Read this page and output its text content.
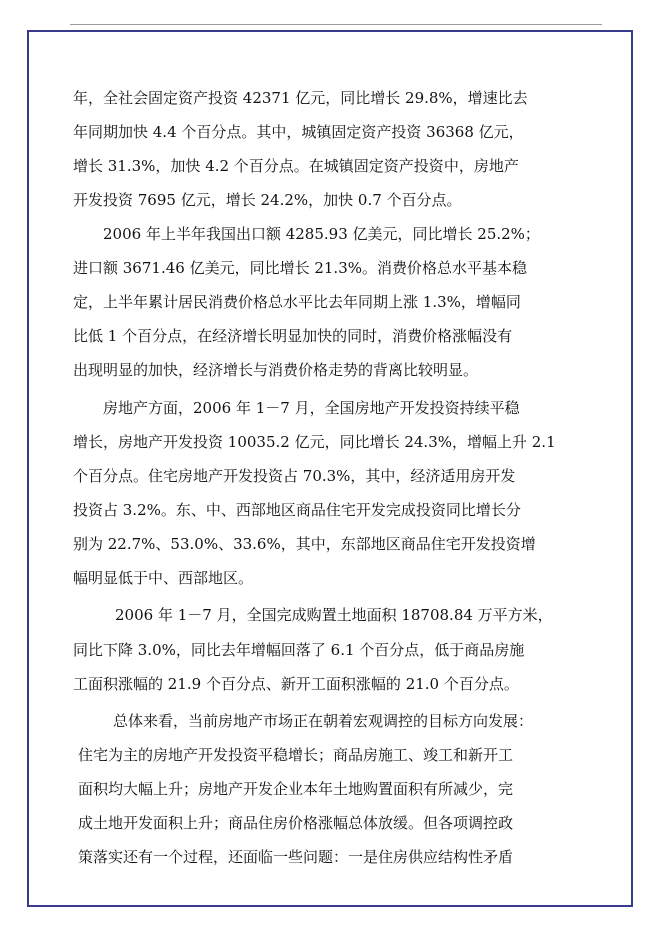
年，全社会固定资产投资 42371 亿元，同比增长 29.8%，增速比去
年同期加快 4.4 个百分点。其中，城镇固定资产投资 36368 亿元，
增长 31.3%，加快 4.2 个百分点。在城镇固定资产投资中，房地产
开发投资 7695 亿元，增长 24.2%，加快 0.7 个百分点。
2006 年上半年我国出口额 4285.93 亿美元，同比增长 25.2%；
进口额 3671.46 亿美元，同比增长 21.3%。消费价格总水平基本稳
定，上半年累计居民消费价格总水平比去年同期上涨 1.3%，增幅同
比低 1 个百分点，在经济增长明显加快的同时，消费价格涨幅没有
出现明显的加快，经济增长与消费价格走势的背离比较明显。
房地产方面，2006 年 1－7 月，全国房地产开发投资持续平稳
增长，房地产开发投资 10035.2 亿元，同比增长 24.3%，增幅上升 2.1
个百分点。住宅房地产开发投资占 70.3%，其中，经济适用房开发
投资占 3.2%。东、中、西部地区商品住宅开发完成投资同比增长分
别为 22.7%、53.0%、33.6%，其中，东部地区商品住宅开发投资增
幅明显低于中、西部地区。
2006 年 1－7 月，全国完成购置土地面积 18708.84 万平方米，
同比下降 3.0%，同比去年增幅回落了 6.1 个百分点，低于商品房施
工面积涨幅的 21.9 个百分点、新开工面积涨幅的 21.0 个百分点。
总体来看，当前房地产市场正在朝着宏观调控的目标方向发展：
住宅为主的房地产开发投资平稳增长；商品房施工、竣工和新开工
面积均大幅上升；房地产开发企业本年土地购置面积有所减少，完
成土地开发面积上升；商品住房价格涨幅总体放缓。但各项调控政
策落实还有一个过程，还面临一些问题：一是住房供应结构性矛盾
